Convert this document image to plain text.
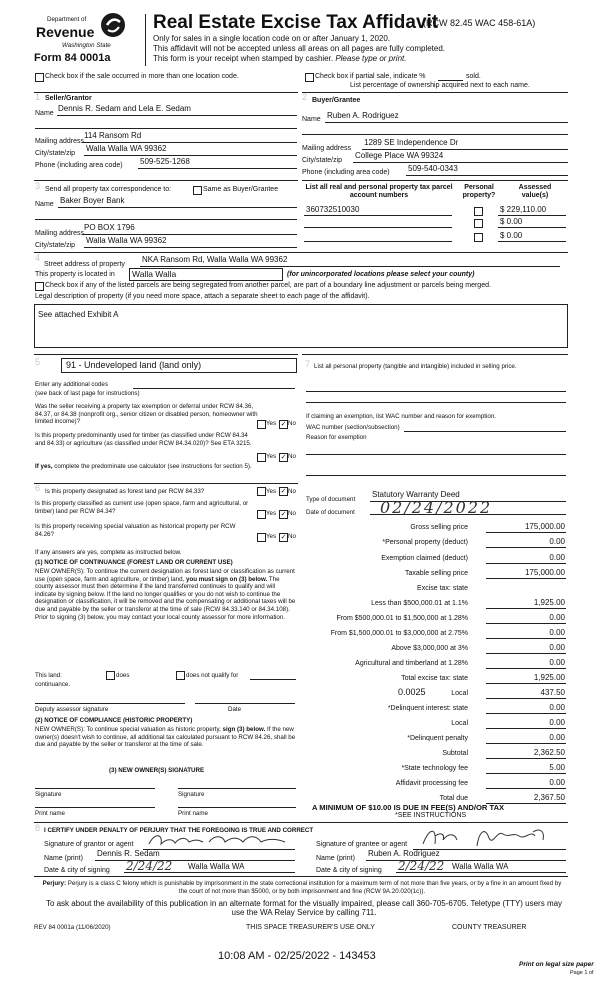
Department of
Revenue
Washington State
Form 84 0001a
Real Estate Excise Tax Affidavit
(RCW 82.45 WAC 458-61A)
Only for sales in a single location code on or after January 1, 2020.
This affidavit will not be accepted unless all areas on all pages are fully completed.
This form is your receipt when stamped by cashier. Please type or print.
Check box if the sale occurred in more than one location code.	Check box if partial sale, indicate %	sold.
List percentage of ownership acquired next to each name.
1 Seller/Grantor
Name
Dennis R. Sedam and Lela E. Sedam
Mailing address
114 Ransom Rd
City/state/zip
Walla Walla WA 99362
Phone (including area code) 509-525-1268
2 Buyer/Grantee
Name Ruben A. Rodriguez
Mailing address
1289 SE Independence Dr
City/state/zip
College Place WA 99324
Phone (including area code) 509-540-0343
3 Send all property tax correspondence to:	Same as Buyer/Grantee
Name Baker Boyer Bank
Mailing address
PO BOX 1796
City/state/zip
Walla Walla WA 99362
List all real and personal property tax parcel account numbers
Personal property?
Assessed value(s)
360732510030	$ 229,110.00
$ 0.00
$ 0.00
4
Street address of property
NKA Ransom Rd, Walla Walla WA 99362
This property is located in Walla Walla	(for unincorporated locations please select your county)
Check box if any of the listed parcels are being segregated from another parcel, are part of a boundary line adjustment or parcels being merged.
Legal description of property (if you need more space, attach a separate sheet to each page of the affidavit).
See attached Exhibit A
5	91 - Undeveloped land (land only)
Enter any additional codes
(see back of last page for instructions)
Was the seller receiving a property tax exemption or deferral under RCW 84.36, 84.37, or 84.38 (nonprofit org., senior citizen or disabled person, homeowner with limited income)?	Yes ✓ No
Is this property predominantly used for timber (as classified under RCW 84.34 and 84.33) or agriculture (as classified under RCW 84.34.020)? See ETA 3215.
Yes ✓ No
If yes, complete the predominate use calculator (see instructions for section 5).
6 Is this property designated as forest land per RCW 84.33?	Yes ✓ No
Is this property classified as current use (open space, farm and agricultural, or timber) land per RCW 84.34?	Yes ✓ No
Is this property receiving special valuation as historical property per RCW 84.26?	Yes ✓ No
If any answers are yes, complete as instructed below.
(1) NOTICE OF CONTINUANCE (FOREST LAND OR CURRENT USE)
NEW OWNER(S): To continue the current designation as forest land or classification as current use (open space, farm and agriculture, or timber) land, you must sign on (3) below. The county assessor must then determine if the land transferred continues to qualify and will indicate by signing below. If the land no longer qualifies or you do not wish to continue the designation or classification, it will be removed and the compensating or additional taxes will be due and payable by the seller or transferor at the time of sale (RCW 84.33.140 or 84.34.108). Prior to signing (3) below, you may contact your local county assessor for more information.
This land:	does	does not qualify for
continuance.
Deputy assessor signature	Date
(2) NOTICE OF COMPLIANCE (HISTORIC PROPERTY)
NEW OWNER(S): To continue special valuation as historic property, sign (3) below. If the new owner(s) doesn't wish to continue, all additional tax calculated pursuant to RCW 84.26, shall be due and payable by the seller or transferor at the time of sale.
(3) NEW OWNER(S) SIGNATURE
Signature	Signature
Print name	Print name
7 List all personal property (tangible and intangible) included in selling price.
If claiming an exemption, list WAC number and reason for exemption.
WAC number (section/subsection)
Reason for exemption
Type of document
Statutory Warranty Deed
Date of document 02/24/2022
Gross selling price	175,000.00
*Personal property (deduct)	0.00
Exemption claimed (deduct)	0.00
Taxable selling price	175,000.00
Excise tax: state
Less than $500,000.01 at 1.1%	1,925.00
From $500,000.01 to $1,500,000 at 1.28%	0.00
From $1,500,000.01 to $3,000,000 at 2.75%	0.00
Above $3,000,000 at 3%	0.00
Agricultural and timberland at 1.28%	0.00
Total excise tax: state	1,925.00
0.0025	Local	437.50
*Delinquent interest: state	0.00
Local	0.00
*Delinquent penalty	0.00
Subtotal	2,362.50
*State technology fee	5.00
Affidavit processing fee	0.00
Total due	2,367.50
A MINIMUM OF $10.00 IS DUE IN FEE(S) AND/OR TAX
*SEE INSTRUCTIONS
8 I CERTIFY UNDER PENALTY OF PERJURY THAT THE FOREGOING IS TRUE AND CORRECT
Signature of grantor or agent
Name (print)
Dennis R. Sedam
Date & city of signing 2/24/22 Walla Walla WA
Signature of grantee or agent
Name (print)
Ruben A. Rodriguez
Date & city of signing 2/24/22 Walla Walla WA
Perjury: Perjury is a class C felony which is punishable by imprisonment in the state correctional institution for a maximum term of not more than five years, or by a fine in an amount fixed by the court of not more than $5000, or by both imprisonment and fine (RCW 9A.20.020(1c)).
To ask about the availability of this publication in an alternate format for the visually impaired, please call 360-705-6705. Teletype (TTY) users may use the WA Relay Service by calling 711.
REV 84 0001a (11/06/2020)	THIS SPACE TREASURER'S USE ONLY	COUNTY TREASURER
10:08 AM - 02/25/2022 - 143453
Print on legal size paper
Page 1 of
